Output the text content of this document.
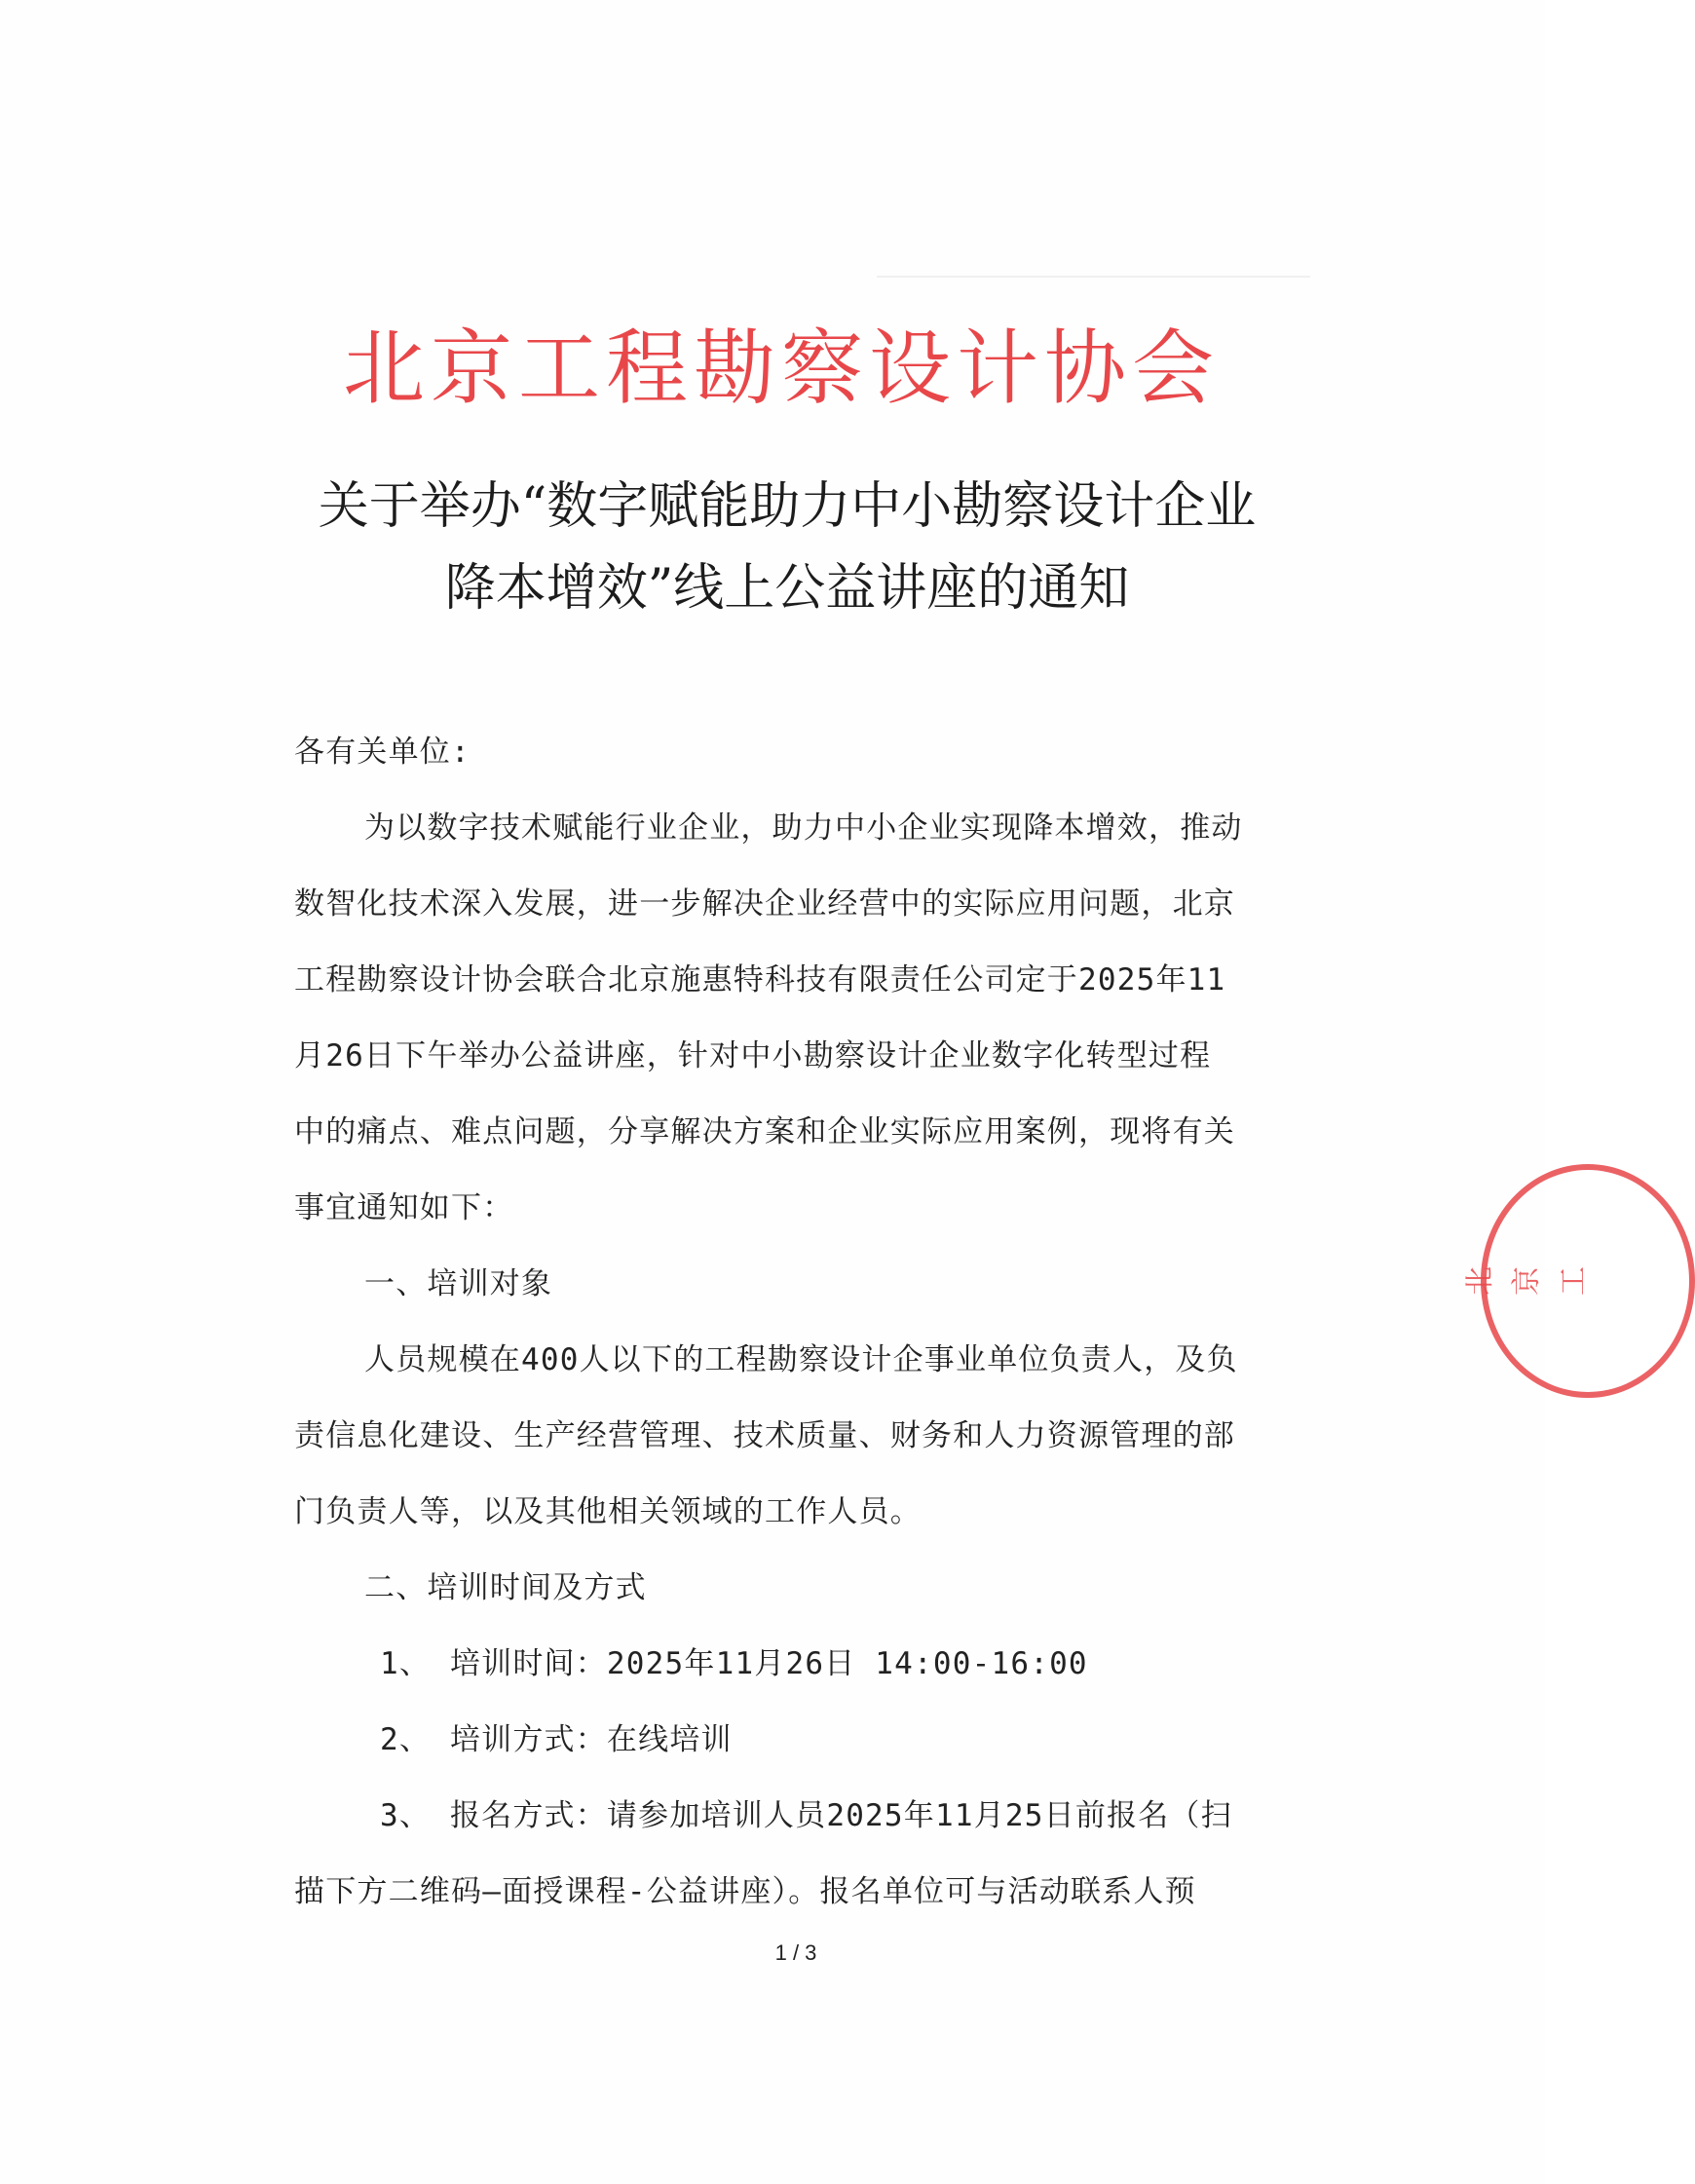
北京工程勘察设计协会
关于举办“数字赋能助力中小勘察设计企业
降本增效”线上公益讲座的通知
各有关单位:
为以数字技术赋能行业企业，助力中小企业实现降本增效，推动
数智化技术深入发展，进一步解决企业经营中的实际应用问题，北京
工程勘察设计协会联合北京施惠特科技有限责任公司定于2025年11
月26日下午举办公益讲座，针对中小勘察设计企业数字化转型过程
中的痛点、难点问题，分享解决方案和企业实际应用案例，现将有关
事宜通知如下：
一、培训对象
人员规模在400人以下的工程勘察设计企事业单位负责人，及负
责信息化建设、生产经营管理、技术质量、财务和人力资源管理的部
门负责人等，以及其他相关领域的工作人员。
二、培训时间及方式
1、 培训时间：2025年11月26日 14:00-16:00
2、 培训方式：在线培训
3、 报名方式：请参加培训人员2025年11月25日前报名（扫
描下方二维码—面授课程-公益讲座）。报名单位可与活动联系人预
1 / 3
北 京 工
